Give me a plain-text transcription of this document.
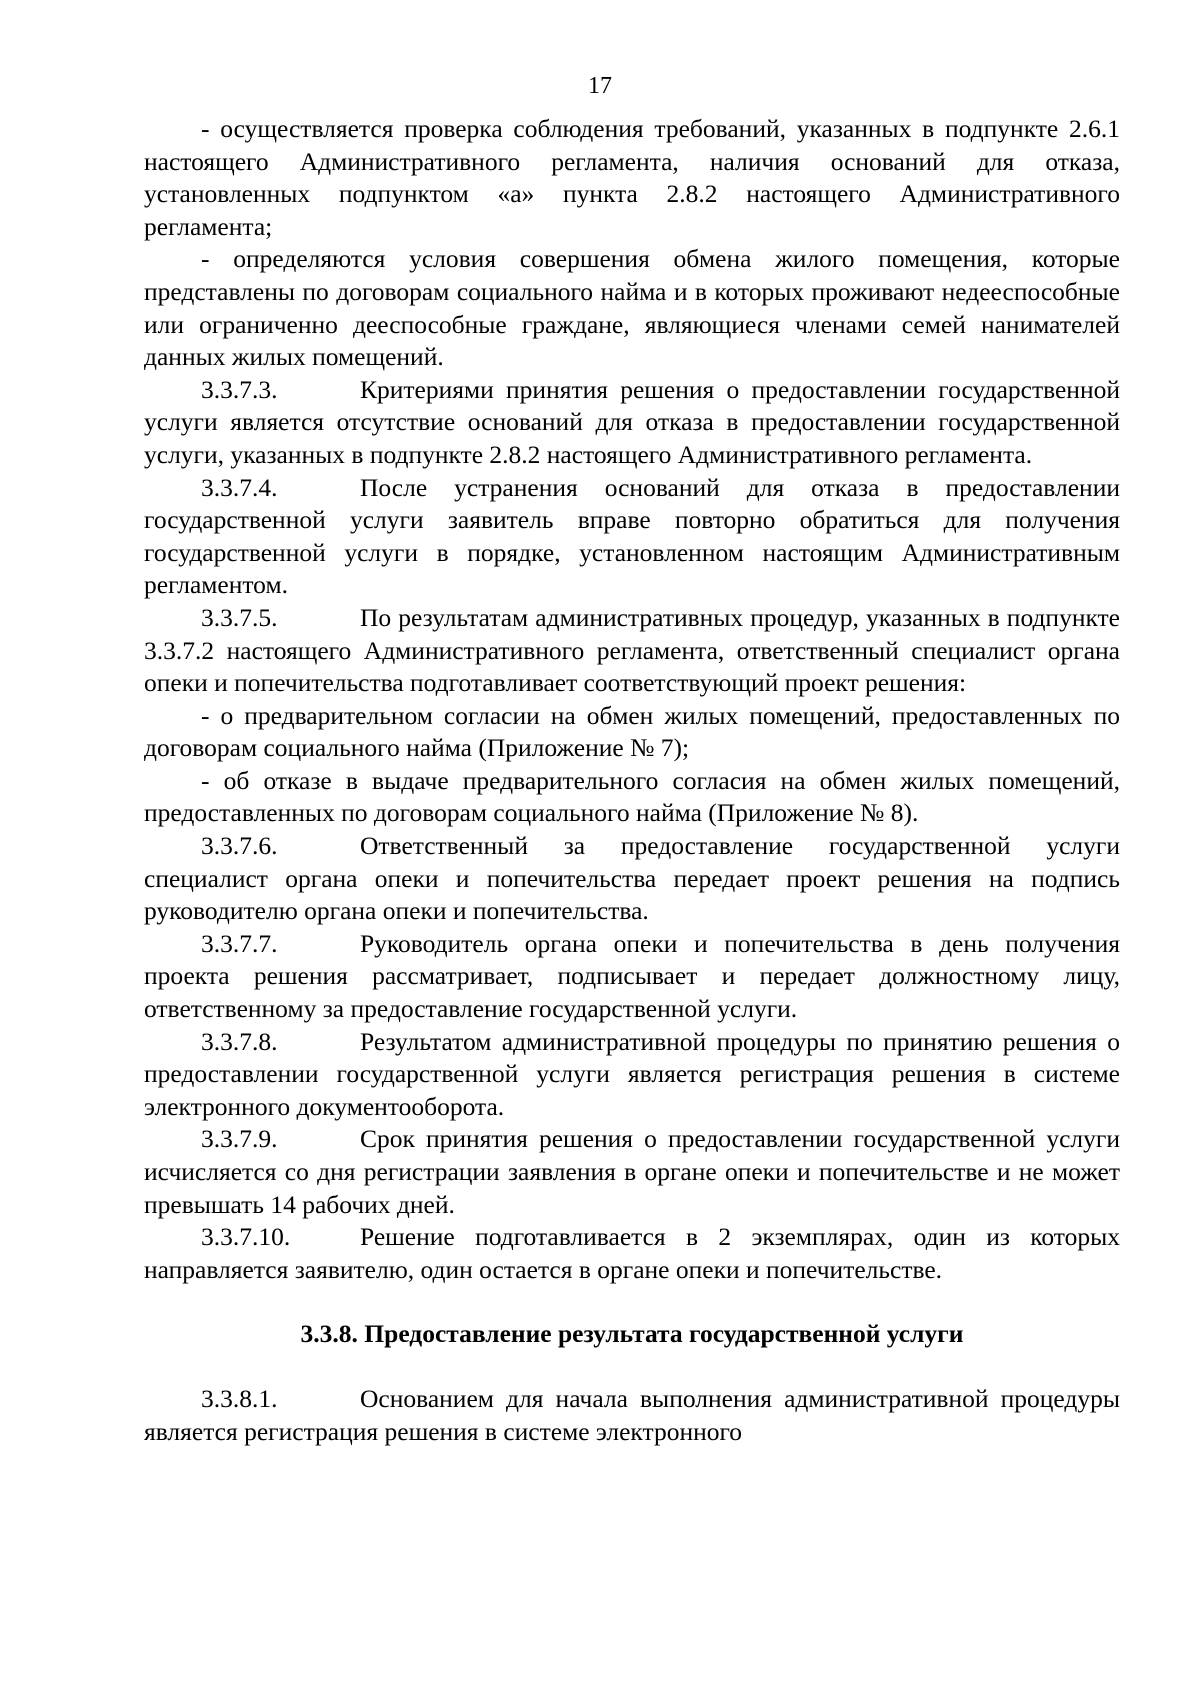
17

- осуществляется проверка соблюдения требований, указанных в подпункте 2.6.1 настоящего Административного регламента, наличия оснований для отказа, установленных подпунктом «а» пункта 2.8.2 настоящего Административного регламента;

- определяются условия совершения обмена жилого помещения, которые представлены по договорам социального найма и в которых проживают недееспособные или ограниченно дееспособные граждане, являющиеся членами семей нанимателей данных жилых помещений.

3.3.7.3.	Критериями принятия решения о предоставлении государственной услуги является отсутствие оснований для отказа в предоставлении государственной услуги, указанных в подпункте 2.8.2 настоящего Административного регламента.

3.3.7.4.	После устранения оснований для отказа в предоставлении государственной услуги заявитель вправе повторно обратиться для получения государственной услуги в порядке, установленном настоящим Административным регламентом.

3.3.7.5.	По результатам административных процедур, указанных в подпункте 3.3.7.2 настоящего Административного регламента, ответственный специалист органа опеки и попечительства подготавливает соответствующий проект решения:

- о предварительном согласии на обмен жилых помещений, предоставленных по договорам социального найма (Приложение № 7);

- об отказе в выдаче предварительного согласия на обмен жилых помещений, предоставленных по договорам социального найма (Приложение № 8).

3.3.7.6.	Ответственный за предоставление государственной услуги специалист органа опеки и попечительства передает проект решения на подпись руководителю органа опеки и попечительства.

3.3.7.7.	Руководитель органа опеки и попечительства в день получения проекта решения рассматривает, подписывает и передает должностному лицу, ответственному за предоставление государственной услуги.

3.3.7.8.	Результатом административной процедуры по принятию решения о предоставлении государственной услуги является регистрация решения в системе электронного документооборота.

3.3.7.9.	Срок принятия решения о предоставлении государственной услуги исчисляется со дня регистрации заявления в органе опеки и попечительстве и не может превышать 14 рабочих дней.

3.3.7.10.	Решение подготавливается в 2 экземплярах, один из которых направляется заявителю, один остается в органе опеки и попечительстве.

3.3.8. Предоставление результата государственной услуги

3.3.8.1.	Основанием для начала выполнения административной процедуры является регистрация решения в системе электронного
